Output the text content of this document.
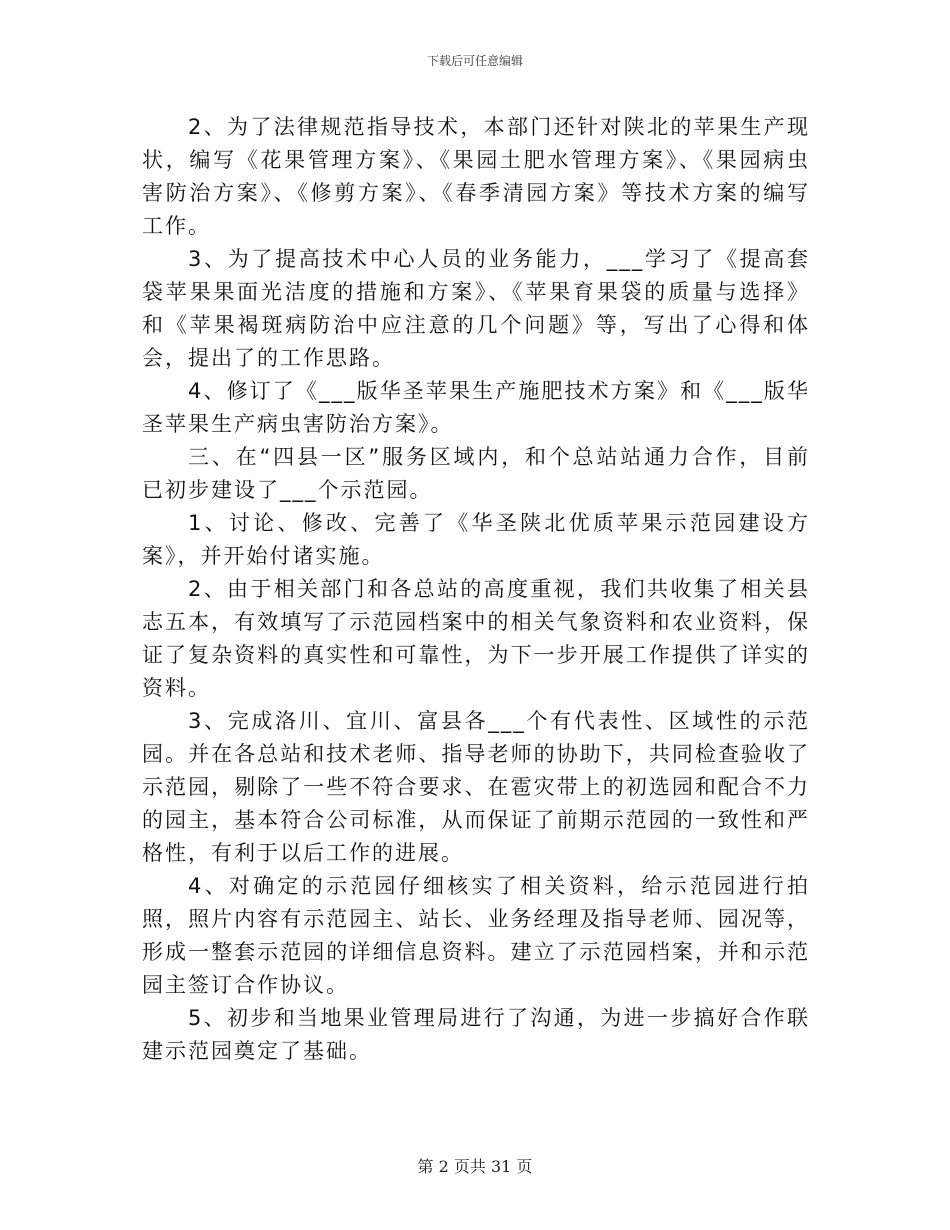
下载后可任意编辑

2、为了法律规范指导技术，本部门还针对陕北的苹果生产现状，编写《花果管理方案》、《果园土肥水管理方案》、《果园病虫害防治方案》、《修剪方案》、《春季清园方案》等技术方案的编写工作。

3、为了提高技术中心人员的业务能力，___学习了《提高套袋苹果果面光洁度的措施和方案》、《苹果育果袋的质量与选择》和《苹果褐斑病防治中应注意的几个问题》等，写出了心得和体会，提出了的工作思路。

4、修订了《___版华圣苹果生产施肥技术方案》和《___版华圣苹果生产病虫害防治方案》。

三、在“四县一区”服务区域内，和个总站站通力合作，目前已初步建设了___个示范园。

1、讨论、修改、完善了《华圣陕北优质苹果示范园建设方案》，并开始付诸实施。

2、由于相关部门和各总站的高度重视，我们共收集了相关县志五本，有效填写了示范园档案中的相关气象资料和农业资料，保证了复杂资料的真实性和可靠性，为下一步开展工作提供了详实的资料。

3、完成洛川、宜川、富县各___个有代表性、区域性的示范园。并在各总站和技术老师、指导老师的协助下，共同检查验收了示范园，剔除了一些不符合要求、在雹灾带上的初选园和配合不力的园主，基本符合公司标准，从而保证了前期示范园的一致性和严格性，有利于以后工作的进展。

4、对确定的示范园仔细核实了相关资料，给示范园进行拍照，照片内容有示范园主、站长、业务经理及指导老师、园况等，形成一整套示范园的详细信息资料。建立了示范园档案，并和示范园主签订合作协议。

5、初步和当地果业管理局进行了沟通，为进一步搞好合作联建示范园奠定了基础。

第 2 页共 31 页
